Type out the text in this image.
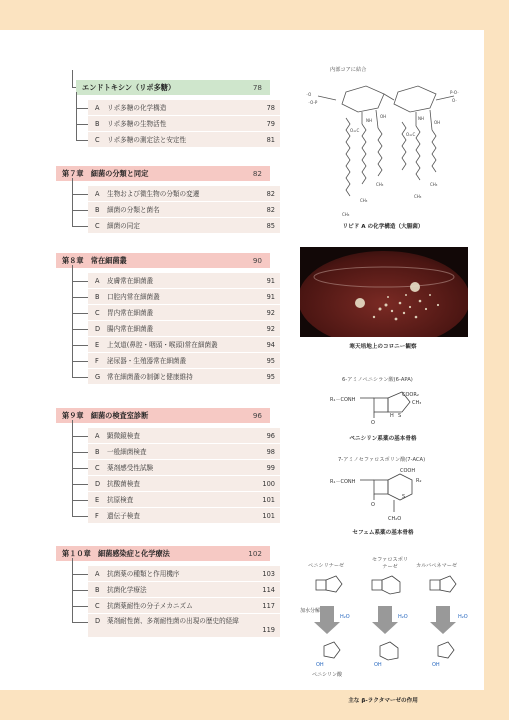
エンドトキシン（リポ多糖）	78
A リポ多糖の化学構造	78
B リポ多糖の生物活性	79
C リポ多糖の測定法と安定性	81
第７章　細菌の分類と同定	82
A 生物および微生物の分類の変遷	82
B 細菌の分類と菌名	82
C 細菌の同定	85
第８章　常在細菌叢	90
A 皮膚常在細菌叢	91
B 口腔内常在細菌叢	91
C 胃内常在細菌叢	92
D 腸内常在細菌叢	92
E 上気道(鼻腔・咽頭・喉頭)常在細菌叢	94
F 泌尿器・生殖器常在細菌叢	95
G 常在細菌叢の制御と健康維持	95
第９章　細菌の検査室診断	96
A 顕微鏡検査	96
B 一般細菌検査	98
C 薬剤感受性試験	99
D 抗酸菌検査	100
E 抗原検査	101
F 遺伝子検査	101
第１０章　細菌感染症と化学療法	102
A 抗菌薬の種類と作用機序	103
B 抗菌化学療法	114
C 抗菌薬耐性の分子メカニズム	117
D 薬剤耐性菌、多剤耐性菌の出現の歴史的経緯
119
内部コアに結合
⁻O
⁻O-P
P-O⁻
O⁻
NH	NH
O=C
O=C
OH
OH
CH₃
CH₃
CH₃
CH₃
CH₃
リピド A の化学構造（大腸菌）
寒天培地上のコロニー観察
6-アミノペニシラン酸(6-APA)
COOR₂
CH₃
R₁－CONH
O
H S
ペニシリン系薬の基本骨格
7-アミノセファロスポリン酸(7-ACA)
COOH
R₂
R₁－CONH
CH₂O
O
S
セフェム系薬の基本骨格
ペニシリナーゼ
セファロスポリナーゼ	カルバペネマーゼ
加水分解
H₂O	H₂O	H₂O
OH	OH	OH
ペニシリン酸
主な β-ラクタマーゼの作用
